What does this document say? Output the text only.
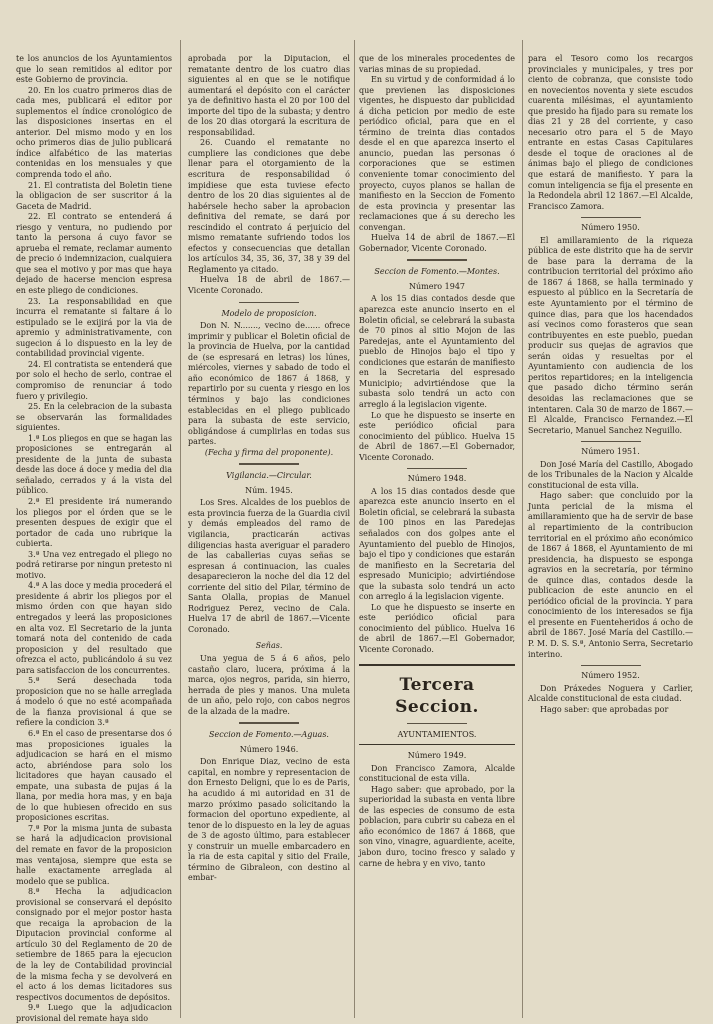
te los anuncios de los Ayuntamientos que lo sean remitidos al editor por este Gobierno de provincia.

20. En los cuatro primeros dias de cada mes, publicará el editor por suplementos el índice cronológico de las disposiciones insertas en el anterior. Del mismo modo y en los ocho primeros dias de julio publicará índice alfabético de las materias contenidas en los mensuales y que comprenda todo el año.

21. El contratista del Boletin tiene la obligacion de ser suscritor á la Gaceta de Madrid.

22. El contrato se entenderá á riesgo y ventura, no pudiendo por tanto la persona á cuyo favor se aprueba el remate, reclamar aumento de precio ó indemnizacion, cualquiera que sea el motivo y por mas que haya dejado de hacerse mencion espresa en este pliego de condiciones.

23. La responsabilidad en que incurra el rematante si faltare á lo estipulado se le exijirá por la via de apremio y administrativamente, con sugecion á lo dispuesto en la ley de contabilidad provincial vigente.

24. El contratista se entenderá que por solo el hecho de serlo, contrae el compromiso de renunciar á todo fuero y privilegio.

25. En la celebracion de la subasta se observarán las formalidades siguientes.

1.ª Los pliegos en que se hagan las proposiciones se entregarán al presidente de la junta de subasta desde las doce á doce y media del dia señalado, cerrados y á la vista del público.

2.ª El presidente irá numerando los pliegos por el órden que se le presenten despues de exigir que el portador de cada uno rubrique la cubierta.

3.ª Una vez entregado el pliego no podrá retirarse por ningun pretesto ni motivo.

4.ª A las doce y media procederá el presidente á abrir los pliegos por el mismo órden con que hayan sido entregados y leerá las proposiciones en alta voz. El Secretario de la junta tomará nota del contenido de cada proposicion y del resultado que ofrezca el acto, publicándolo á su vez para satisfaccion de los concurrentes.

5.ª Será desechada toda proposicion que no se halle arreglada á modelo ó que no esté acompañada de la fianza provisional á que se refiere la condicion 3.ª

6.ª En el caso de presentarse dos ó mas proposiciones iguales la adjudicacion se hará en el mismo acto, abriéndose para solo los licitadores que hayan causado el empate, una subasta de pujas á la llana, por media hora mas, y en baja de lo que hubiesen ofrecido en sus proposiciones escritas.

7.ª Por la misma junta de subasta se hará la adjudicacion provisional del remate en favor de la proposicion mas ventajosa, siempre que esta se halle exactamente arreglada al modelo que se publica.

8.ª Hecha la adjudicacion provisional se conservará el depósito consignado por el mejor postor hasta que recaiga la aprobacion de la Diputacion provincial conforme al artículo 30 del Reglamento de 20 de setiembre de 1865 para la ejecucion de la ley de Contabilidad provincial de la misma fecha y se devolverá en el acto á los demas licitadores sus respectivos documentos de depósitos.

9.ª Luego que la adjudicacion provisional del remate haya sido

aprobada por la Diputacion, el rematante dentro de los cuatro dias siguientes al en que se le notifique aumentará el depósito con el carácter ya de definitivo hasta el 20 por 100 del importe del tipo de la subasta; y dentro de los 20 dias otorgará la escritura de responsabilidad.

26. Cuando el rematante no cumpliere las condiciones que debe llenar para el otorgamiento de la escritura de responsabilidad ó impidiese que esta tuviese efecto dentro de los 20 dias siguientes al de habérsele hecho saber la aprobacion definitiva del remate, se dará por rescindido el contrato á perjuicio del mismo rematante sufriendo todos los efectos y consecuencias que detallan los artículos 34, 35, 36, 37, 38 y 39 del Reglamento ya citado.

Huelva 18 de abril de 1867.—Vicente Coronado.

Modelo de proposicion.

Don N. N......., vecino de...... ofrece imprimir y publicar el Boletin oficial de la provincia de Huelva, por la cantidad de (se espresará en letras) los lúnes, miércoles, viernes y sabado de todo el año económico de 1867 á 1868, y repartirlo por su cuenta y riesgo en los términos y bajo las condiciones establecidas en el pliego publicado para la subasta de este servicio, obligándose á cumplirlas en todas sus partes.

(Fecha y firma del proponente).

Vigilancia.—Circular.

Núm. 1945.

Los Sres. Alcaldes de los pueblos de esta provincia fuerza de la Guardia civil y demás empleados del ramo de vigilancia, practicarán activas diligencias hasta averiguar el paradero de las caballerias cuyas señas se espresan á continuacion, las cuales desaparecieron la noche del dia 12 del corriente del sitio del Pilar, término de Santa Olalla, propias de Manuel Rodriguez Perez, vecino de Cala. Huelva 17 de abril de 1867.—Vicente Coronado.

Señas.

Una yegua de 5 á 6 años, pelo castaño claro, lucera, próxima á la marca, ojos negros, parida, sin hierro, herrada de pies y manos. Una muleta de un año, pelo rojo, con cabos negros de la alzada de la madre.

Seccion de Fomento.—Aguas.

Número 1946.

Don Enrique Diaz, vecino de esta capital, en nombre y representacion de don Ernesto Deligni, que lo es de Paris, ha acudido á mi autoridad en 31 de marzo próximo pasado solicitando la formacion del oportuno expediente, al tenor de lo dispuesto en la ley de aguas de 3 de agosto último, para establecer y construir un muelle embarcadero en la ria de esta capital y sitio del Fraile, término de Gibraleon, con destino al embar-

que de los minerales procedentes de varias minas de su propiedad.

En su virtud y de conformidad á lo que previenen las disposiciones vigentes, he dispuesto dar publicidad á dicha peticion por medio de este periódico oficial, para que en el término de treinta dias contados desde el en que aparezca inserto el anuncio, puedan las personas ó corporaciones que se estimen conveniente tomar conocimiento del proyecto, cuyos planos se hallan de manifiesto en la Seccion de Fomento de esta provincia y presentar las reclamaciones que á su derecho les convengan.

Huelva 14 de abril de 1867.—El Gobernador, Vicente Coronado.

Seccion de Fomento.—Montes.

Número 1947

A los 15 dias contados desde que aparezca este anuncio inserto en el Boletin oficial, se celebrará la subasta de 70 pinos al sitio Mojon de las Paredejas, ante el Ayuntamiento del pueblo de Hinojos bajo el tipo y condiciones que estarán de manifiesto en la Secretaria del espresado Municipio; advirtiéndose que la subasta solo tendrá un acto con arreglo á la legislacion vigente.

Lo que he dispuesto se inserte en este periódico oficial para conocimiento del público. Huelva 15 de Abril de 1867.—El Gobernador, Vicente Coronado.

Número 1948.

A los 15 dias contados desde que aparezca este anuncio inserto en el Boletin oficial, se celebrará la subasta de 100 pinos en las Paredejas señalados con dos golpes ante el Ayuntamiento del pueblo de Hinojos, bajo el tipo y condiciones que estarán de manifiesto en la Secretaria del espresado Municipio; advirtiéndose que la subasta solo tendrá un acto con arreglo á la legislacion vigente.

Lo que he dispuesto se inserte en este periódico oficial para conocimiento del público. Huelva 16 de abril de 1867.—El Gobernador, Vicente Coronado.

Tercera Seccion.

AYUNTAMIENTOS.

Número 1949.

Don Francisco Zamora, Alcalde constitucional de esta villa.

Hago saber: que aprobado, por la superioridad la subasta en venta libre de las especies de consumo de esta poblacion, para cubrir su cabeza en el año económico de 1867 á 1868, que son vino, vinagre, aguardiente, aceite, jabon duro, tocino fresco y salado y carne de hebra y en vivo, tanto

para el Tesoro como los recargos provinciales y municipales, y tres por ciento de cobranza, que consiste todo en novecientos noventa y siete escudos cuarenta milésimas, el ayuntamiento que presido ha fijado para su remate los dias 21 y 28 del corriente, y caso necesario otro para el 5 de Mayo entrante en estas Casas Capitulares desde el toque de oraciones al de ánimas bajo el pliego de condiciones que estará de manifiesto. Y para la comun inteligencia se fija el presente en la Redondela abril 12 1867.—El Alcalde, Francisco Zamora.

Número 1950.

El amillaramiento de la riqueza pública de este distrito que ha de servir de base para la derrama de la contribucion territorial del próximo año de 1867 á 1868, se halla terminado y espuesto al público en la Secretaría de este Ayuntamiento por el término de quince dias, para que los hacendados así vecinos como forasteros que sean contribuyentes en este pueblo, puedan producir sus quejas de agravios que serán oidas y resueltas por el Ayuntamiento con audiencia de los peritos repartidores; en la inteligencia que pasado dicho término serán desoidas las reclamaciones que se intentaren. Cala 30 de marzo de 1867.—El Alcalde, Francisco Fernandez.—El Secretario, Manuel Sanchez Neguillo.

Número 1951.

Don José María del Castillo, Abogado de los Tribunales de la Nacion y Alcalde constitucional de esta villa.

Hago saber: que concluido por la Junta pericial de la misma el amillaramiento que ha de servir de base al repartimiento de la contribucion territorial en el próximo año económico de 1867 á 1868, el Ayuntamiento de mi presidencia, ha dispuesto se esponga agravios en la secretaría, por término de quince dias, contados desde la publicacion de este anuncio en el periódico oficial de la provincia. Y para conocimiento de los interesados se fija el presente en Fuenteheridos á ocho de abril de 1867. José María del Castillo.—P. M. D. S. S.ª, Antonio Serra, Secretario interino.

Número 1952.

Don Práxedes Noguera y Carlier, Alcalde constitucional de esta ciudad.

Hago saber: que aprobadas por
